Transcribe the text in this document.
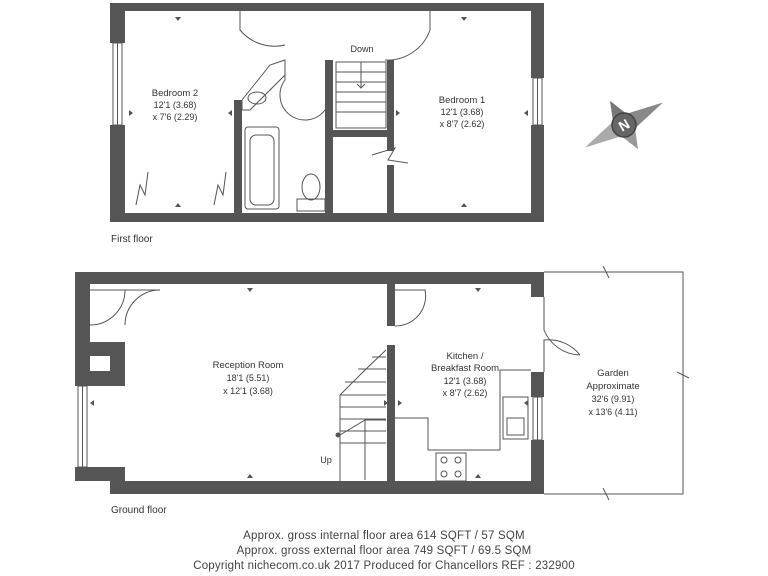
N
Bedroom 2
12'1 (3.68)
x 7'6 (2.29)
Bedroom 1
12'1 (3.68)
x 8'7 (2.62)
Down
Reception Room
18'1 (5.51)
x 12'1 (3.68)
Kitchen /
Breakfast Room
12'1 (3.68)
x 8'7 (2.62)
Garden
Approximate
32'6 (9.91)
x 13'6 (4.11)
Up
First floor
Ground floor
Approx. gross internal floor area 614 SQFT / 57 SQM
Approx. gross external floor area 749 SQFT / 69.5 SQM
Copyright nichecom.co.uk 2017 Produced for Chancellors REF : 232900
